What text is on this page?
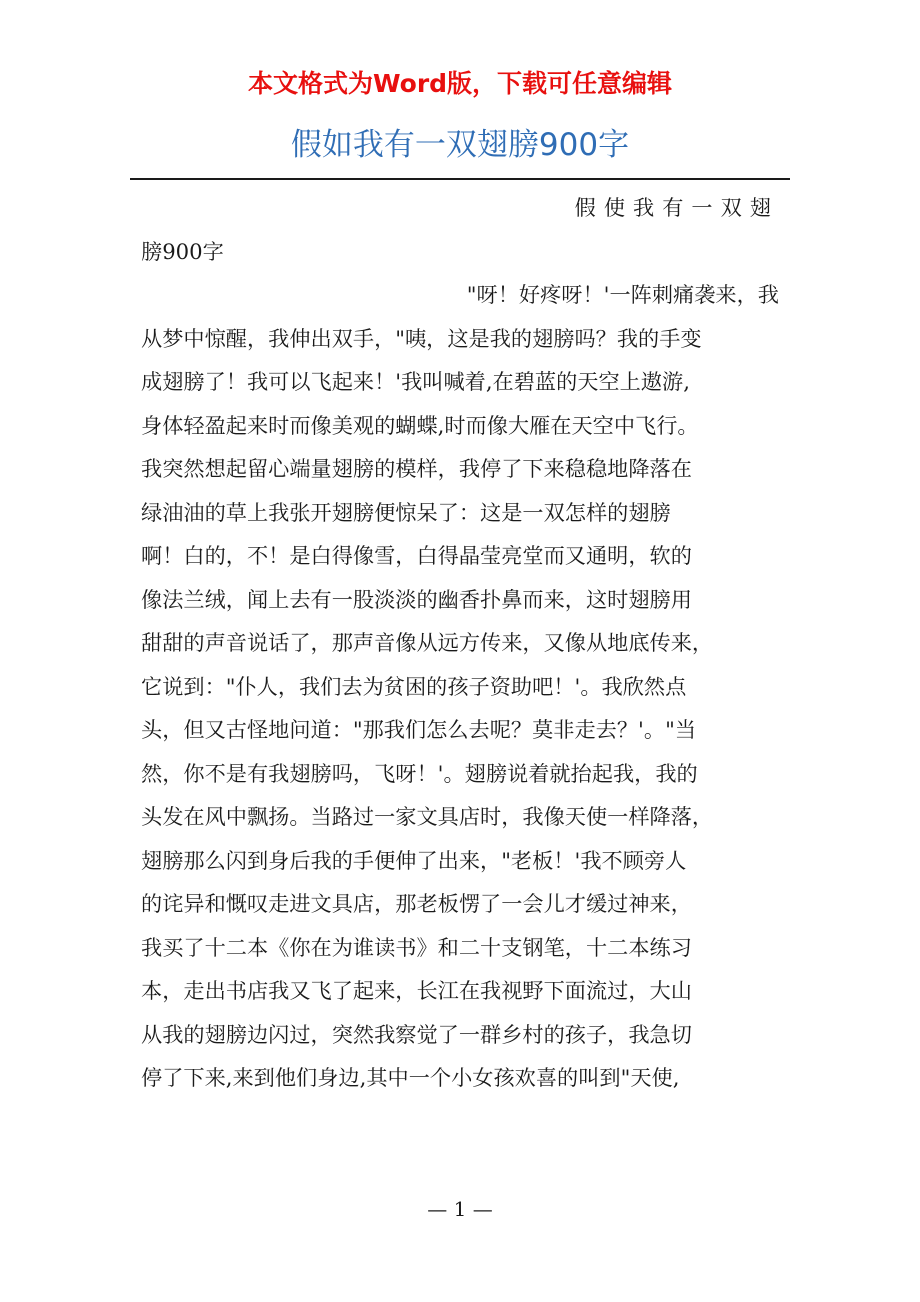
本文格式为Word版，下载可任意编辑
假如我有一双翅膀900字
假使我有一双翅
膀900字
"呀！好疼呀！'一阵刺痛袭来，我
从梦中惊醒，我伸出双手，"咦，这是我的翅膀吗？我的手变
成翅膀了！我可以飞起来！'我叫喊着,在碧蓝的天空上遨游,
身体轻盈起来时而像美观的蝴蝶,时而像大雁在天空中飞行。
我突然想起留心端量翅膀的模样，我停了下来稳稳地降落在
绿油油的草上我张开翅膀便惊呆了：这是一双怎样的翅膀
啊！白的，不！是白得像雪，白得晶莹亮堂而又通明，软的
像法兰绒，闻上去有一股淡淡的幽香扑鼻而来，这时翅膀用
甜甜的声音说话了，那声音像从远方传来，又像从地底传来，
它说到："仆人，我们去为贫困的孩子资助吧！'。我欣然点
头，但又古怪地问道："那我们怎么去呢？莫非走去？'。"当
然，你不是有我翅膀吗，飞呀！'。翅膀说着就抬起我，我的
头发在风中飘扬。当路过一家文具店时，我像天使一样降落，
翅膀那么闪到身后我的手便伸了出来，"老板！'我不顾旁人
的诧异和慨叹走进文具店，那老板愣了一会儿才缓过神来，
我买了十二本《你在为谁读书》和二十支钢笔，十二本练习
本，走出书店我又飞了起来，长江在我视野下面流过，大山
从我的翅膀边闪过，突然我察觉了一群乡村的孩子，我急切
停了下来,来到他们身边,其中一个小女孩欢喜的叫到"天使,
— 1 —
